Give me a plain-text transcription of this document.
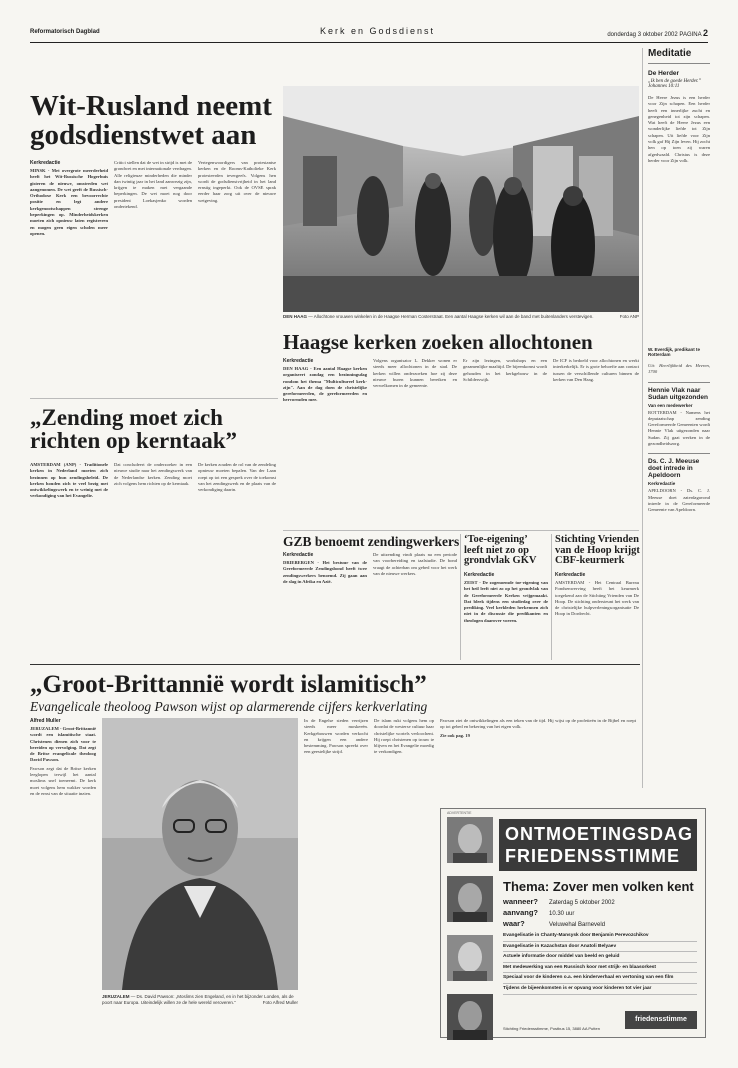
Reformatorisch Dagblad	Kerk en Godsdienst	donderdag 3 oktober 2002 PAGINA 2
Wit-Rusland neemt
godsdienstwet aan
Kerkredactie

MINSK - Met overgrote meerderheid heeft het Wit-Russische Hogerhuis gisteren de nieuwe, omstreden wet aangenomen. De wet geeft de Russisch-Orthodoxe Kerk een bevoorrechte positie en legt andere kerkgenootschappen strenge beperkingen op. Minderheidskerken moeten zich opnieuw laten registreren en mogen geen eigen scholen meer openen.

Critici stellen dat de wet in strijd is met de grondwet en met internationale verdragen. Alle religieuze minderheden die minder dan twintig jaar in het land aanwezig zijn, krijgen te maken met vergaande beperkingen. De wet moet nog door president Loekasjenko worden ondertekend.

Vertegenwoordigers van protestantse kerken en de Rooms-Katholieke Kerk protesteerden tevergeefs. Volgens hen wordt de godsdienstvrijheid in het land ernstig ingeperkt. Ook de OVSE sprak eerder haar zorg uit over de nieuwe wetgeving.

DEN HAAG — Allochtone vrouwen winkelen in de Haagse Herman Costerstraat. Een aantal Haagse kerken wil aan de band met buitenlanders verstevigen.	Foto ANP
Haagse kerken zoeken allochtonen
Kerkredactie

DEN HAAG - Een aantal Haagse kerken organiseert zondag een bezinningsdag rondom het thema "Multicultureel kerk-zijn". Aan de dag doen de christelijke gereformeerden, de gereformeerden en hervormden mee.

Volgens organisator L. Dekker wonen er steeds meer allochtonen in de stad. De kerken willen onderzoeken hoe zij deze nieuwe buren kunnen bereiken en verwelkomen in de gemeente.

Er zijn lezingen, workshops en een gezamenlijke maaltijd. De bijeenkomst wordt gehouden in het kerkgebouw in de Schilderswijk.

De ICF is bedoeld voor allochtonen en werkt interkerkelijk. Er is grote behoefte aan contact tussen de verschillende culturen binnen de kerken van Den Haag.

„Zending moet zich
richten op kerntaak”

AMSTERDAM (ANP) - Traditionele kerken in Nederland moeten zich bezinnen op hun zendingsbeleid. De kerken houden zich te veel bezig met ontwikkelingswerk en te weinig met de verkondiging van het Evangelie.

Dat concludeert de onderzoeker in een nieuwe studie naar het zendingswerk van de Nederlandse kerken. Zending moet zich volgens hem richten op de kerntaak.

De kerken zouden de rol van de zendeling opnieuw moeten bepalen. Van der Laan roept op tot een gesprek over de toekomst van het zendingswerk en de plaats van de verkondiging daarin.

GZB benoemt zendingwerkers
Kerkredactie

DRIEBERGEN - Het bestuur van de Gereformeerde Zendingsbond heeft twee zendingswerkers benoemd. Zij gaan aan de slag in Afrika en Azië.

De uitzending vindt plaats na een periode van voorbereiding en taalstudie. De bond vraagt de achterban om gebed voor het werk van de nieuwe werkers.

‘Toe-eigening’
leeft niet zo op
grondvlak GKV
Kerkredactie

ZEIST - De zogenoemde toe-eigening van het heil leeft niet zo op het grondvlak van de Gereformeerde Kerken vrijgemaakt. Dat bleek tijdens een studiedag over de prediking. Veel kerkleden herkennen zich niet in de discussie die predikanten en theologen daarover voeren.

Stichting Vrienden
van de Hoop krijgt
CBF-keurmerk
Kerkredactie

AMSTERDAM - Het Centraal Bureau Fondsenwerving heeft het keurmerk toegekend aan de Stichting Vrienden van De Hoop. De stichting ondersteunt het werk van de christelijke hulpverleningsorganisatie De Hoop in Dordrecht.

„Groot-Brittannië wordt islamitisch”
Evangelicale theoloog Pawson wijst op alarmerende cijfers kerkverlating
Alfred Muller

JERUZALEM - Groot-Brittannië wordt een islamitische staat. Christenen dienen zich voor te bereiden op vervolging. Dat zegt de Britse evangelicale theoloog David Pawson.

Pawson zegt dat de Britse kerken leeglopen terwijl het aantal moslims snel toeneemt. De kerk moet volgens hem wakker worden en de ernst van de situatie inzien.

JERUZALEM — Ds. David Pawson: „Moslims zien Engeland, en in het bijzonder Londen, als de poort naar Europa. Uiteindelijk willen ze de hele wereld veroveren.”	Foto Alfred Muller

In de Engelse steden verrijzen steeds meer moskeeën. Kerkgebouwen worden verkocht en krijgen een andere bestemming. Pawson spreekt over een geestelijke strijd.

De islam rukt volgens hem op doordat de westerse cultuur haar christelijke wortels verloochent. Hij roept christenen op trouw te blijven en het Evangelie moedig te verkondigen.

Pawson ziet de ontwikkelingen als een teken van de tijd. Hij wijst op de profetieën in de Bijbel en roept op tot gebed en bekering van het eigen volk.

Zie ook pag. 19

ADVERTENTIE

ONTMOETINGSDAG
FRIEDENSSTIMME
Thema: Zover men volken kent
wanneer? Zaterdag 5 oktober 2002
aanvang? 10.30 uur
waar?	Veluwehal Barneveld
Evangelisatie in Chanty-Mansysk door Benjamin Perevozchikov
Evangelisatie in Kazachstan door Anatoli Belyaev
Actuele informatie door middel van beeld en geluid
Met medewerking van een Russisch koor met strijk- en blaasorkest
Speciaal voor de kinderen o.a. een kinderverhaal en vertoning van een film
Tijdens de bijeenkomsten is er opvang voor kinderen tot vier jaar
Stichting Friedensstimme, Postbus 15, 3880 AA Putten
friedensstimme
Meditatie
De Herder
„Ik ben de goede Herder.” Johannes 10:11
De Heere Jezus is een herder voor Zijn schapen. Een herder heeft een innerlijke zucht en genegenheid tot zijn schapen. Wat heeft de Heere Jezus een wonderlijke liefde tot Zijn schapen. Uit liefde voor Zijn volk gaf Hij Zijn leven. Hij zocht hen op toen zij waren afgedwaald. Christus is deze herder voor Zijn volk.
W. Everdijk, predikant te Rotterdam
Uit: Heerlijkheid des Heeren, 1700
Hennie Vlak naar Sudan uitgezonden
Van een medewerker
ROTTERDAM - Namens het deputaatschap zending Gereformeerde Gemeenten wordt Hennie Vlak uitgezonden naar Sudan. Zij gaat werken in de gezondheidszorg.
Ds. C. J. Meeuse doet intrede in Apeldoorn
Kerkredactie
APELDOORN - Ds. C. J. Meeuse doet zaterdagavond intrede in de Gereformeerde Gemeente van Apeldoorn.
